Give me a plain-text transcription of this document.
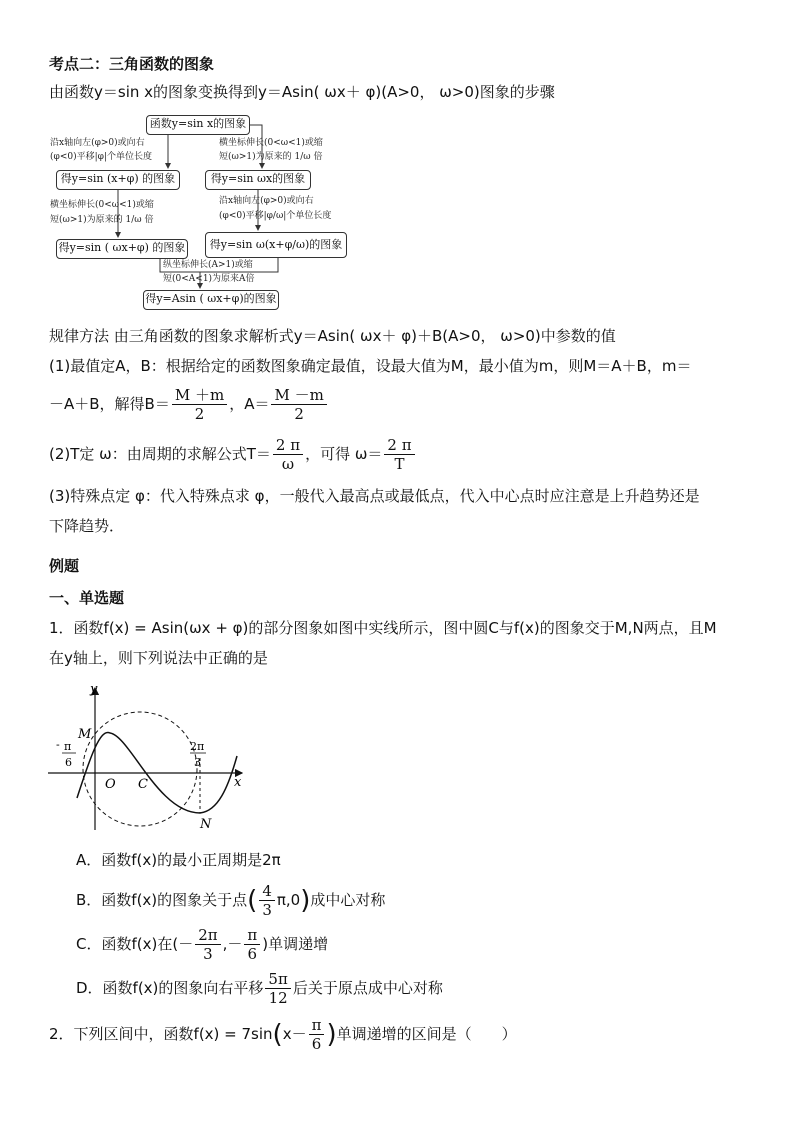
考点二：三角函数的图象
由函数y＝sin x的图象变换得到y＝Asin( ωx＋ φ)(A>0， ω>0)图象的步骤
函数y=sin x的图象
沿x轴向左(φ>0)或向右
(φ<0)平移|φ|个单位长度
得y=sin (x+φ) 的图象
横坐标伸长(0<ω<1)或缩
短(ω>1)为原来的 1/ω 倍
得y=sin ( ωx+φ) 的图象
横坐标伸长(0<ω<1)或缩
短(ω>1)为原来的 1/ω 倍
得y=sin ωx的图象
沿x轴向左(φ>0)或向右
(φ<0)平移|φ/ω|个单位长度
得y=sin ω(x+φ/ω)的图象
纵坐标伸长(A>1)或缩
短(0<A<1)为原来A倍
得y=Asin ( ωx+φ)的图象
规律方法 由三角函数的图象求解析式y＝Asin( ωx＋ φ)＋B(A>0， ω>0)中参数的值
(1)最值定A，B：根据给定的函数图象确定最值，设最大值为M，最小值为m，则M＝A＋B，m＝
－A＋B，解得$B= \frac{M +m}{2}$ ，$A= \frac{M -m}{2}$
(2)T定 ω：由周期的求解公式$T= \frac{2 \pi}{\omega}$ ，可得 $\omega= \frac{2 \pi}{T}$
(3)特殊点定 φ：代入特殊点求 φ，一般代入最高点或最低点，代入中心点时应注意是上升趋势还是
下降趋势．
例题
一、单选题
1．函数f(x) = Asin(ωx + φ)的部分图象如图中实线所示，图中圆C与f(x)的图象交于M,N两点，且M
在y轴上，则下列说法中正确的是
y
x
M
N
O C
- π
6
2π
3
A．函数f(x)的最小正周期是2π
B．函数f(x)的图象关于点( $\frac{4}{3} \pi,0$)成中心对称
C．函数f(x)在(－ $\frac{2\pi}{3}$ ,－ $\frac{\pi}{6}$ )单调递增
D．函数f(x)的图象向右平移 $\frac{5\pi}{12}$ 后关于原点成中心对称
2．下列区间中，函数$f(x) = 7\sin(x- \frac{\pi}{6}$ )单调递增的区间是（　　）
